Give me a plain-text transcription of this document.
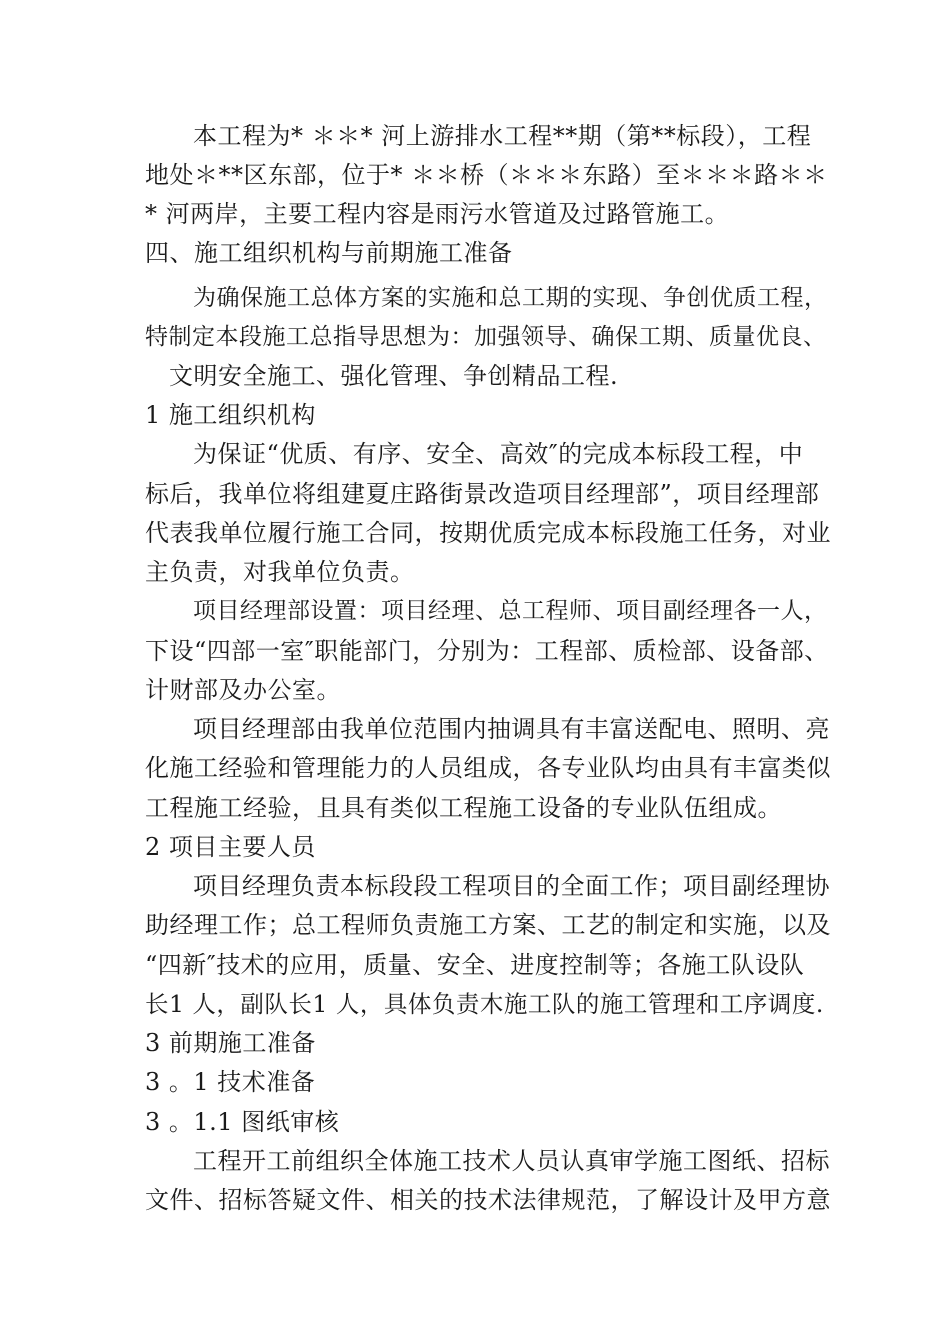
本工程为* ＊＊* 河上游排水工程**期（第**标段），工程
地处＊**区东部，位于* ＊＊桥（＊＊＊东路）至＊＊＊路＊＊
* 河两岸，主要工程内容是雨污水管道及过路管施工。
四、施工组织机构与前期施工准备
为确保施工总体方案的实施和总工期的实现、争创优质工程，
特制定本段施工总指导思想为：加强领导、确保工期、质量优良、
文明安全施工、强化管理、争创精品工程.
1 施工组织机构
为保证“优质、有序、安全、高效″的完成本标段工程，中
标后，我单位将组建夏庄路街景改造项目经理部”，项目经理部
代表我单位履行施工合同，按期优质完成本标段施工任务，对业
主负责，对我单位负责。
项目经理部设置：项目经理、总工程师、项目副经理各一人，
下设“四部一室″职能部门，分别为：工程部、质检部、设备部、
计财部及办公室。
项目经理部由我单位范围内抽调具有丰富送配电、照明、亮
化施工经验和管理能力的人员组成，各专业队均由具有丰富类似
工程施工经验，且具有类似工程施工设备的专业队伍组成。
2 项目主要人员
项目经理负责本标段段工程项目的全面工作；项目副经理协
助经理工作；总工程师负责施工方案、工艺的制定和实施，以及
“四新″技术的应用，质量、安全、进度控制等；各施工队设队
长1 人，副队长1 人，具体负责木施工队的施工管理和工序调度.
3 前期施工准备
3 。1 技术准备
3 。1.1 图纸审核
工程开工前组织全体施工技术人员认真审学施工图纸、招标
文件、招标答疑文件、相关的技术法律规范，了解设计及甲方意
